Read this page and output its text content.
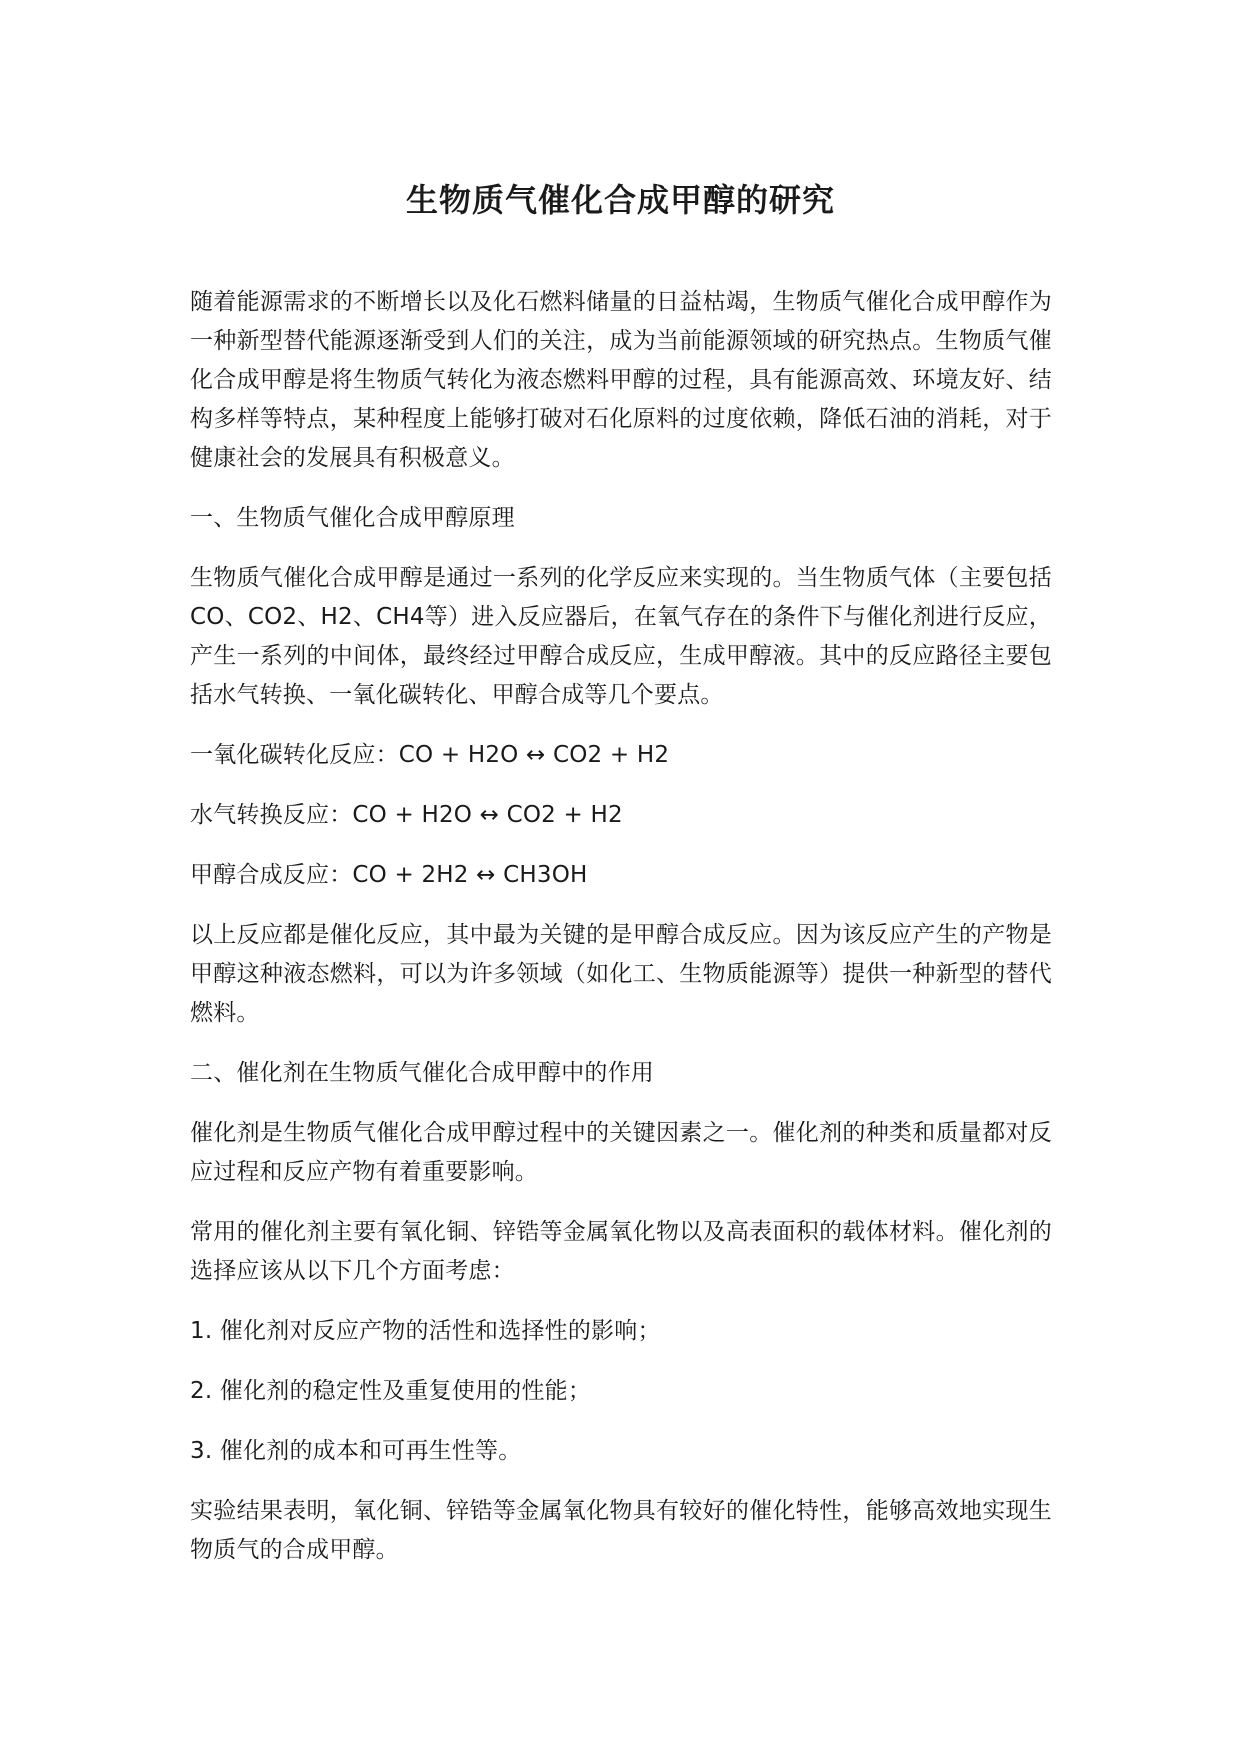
生物质气催化合成甲醇的研究

随着能源需求的不断增长以及化石燃料储量的日益枯竭，生物质气催化合成甲醇作为一种新型替代能源逐渐受到人们的关注，成为当前能源领域的研究热点。生物质气催化合成甲醇是将生物质气转化为液态燃料甲醇的过程，具有能源高效、环境友好、结构多样等特点，某种程度上能够打破对石化原料的过度依赖，降低石油的消耗，对于健康社会的发展具有积极意义。

一、生物质气催化合成甲醇原理

生物质气催化合成甲醇是通过一系列的化学反应来实现的。当生物质气体（主要包括CO、CO2、H2、CH4等）进入反应器后，在氧气存在的条件下与催化剂进行反应，产生一系列的中间体，最终经过甲醇合成反应，生成甲醇液。其中的反应路径主要包括水气转换、一氧化碳转化、甲醇合成等几个要点。

一氧化碳转化反应：CO + H2O ↔ CO2 + H2

水气转换反应：CO + H2O ↔ CO2 + H2

甲醇合成反应：CO + 2H2 ↔ CH3OH

以上反应都是催化反应，其中最为关键的是甲醇合成反应。因为该反应产生的产物是甲醇这种液态燃料，可以为许多领域（如化工、生物质能源等）提供一种新型的替代燃料。

二、催化剂在生物质气催化合成甲醇中的作用

催化剂是生物质气催化合成甲醇过程中的关键因素之一。催化剂的种类和质量都对反应过程和反应产物有着重要影响。

常用的催化剂主要有氧化铜、锌锆等金属氧化物以及高表面积的载体材料。催化剂的选择应该从以下几个方面考虑：

1. 催化剂对反应产物的活性和选择性的影响；

2. 催化剂的稳定性及重复使用的性能；

3. 催化剂的成本和可再生性等。

实验结果表明，氧化铜、锌锆等金属氧化物具有较好的催化特性，能够高效地实现生物质气的合成甲醇。
